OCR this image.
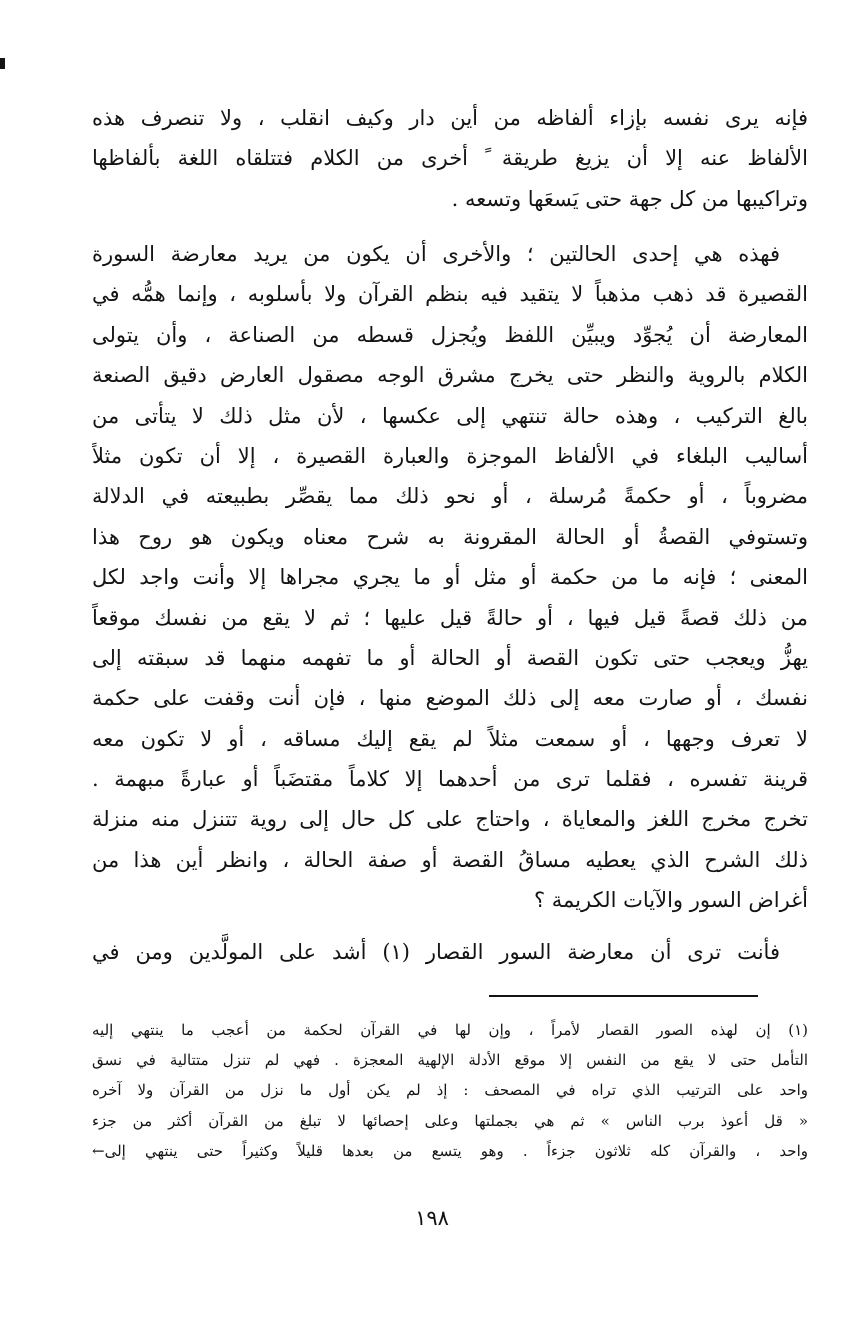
فإنه يرى نفسه بإزاء ألفاظه من أين دار وكيف انقلب ، ولا تنصرف هذه
الألفاظ عنه إلا أن يزيغ طريقة ً أخرى من الكلام فتتلقاه اللغة بألفاظها
وتراكيبها من كل جهة حتى يَسعَها وتسعه .
فهذه هي إحدى الحالتين ؛ والأخرى أن يكون من يريد معارضة السورة
القصيرة قد ذهب مذهباً لا يتقيد فيه بنظم القرآن ولا بأسلوبه ، وإنما همُّه في
المعارضة أن يُجوِّد ويبيِّن اللفظ ويُجزل قسطه من الصناعة ، وأن يتولى
الكلام بالروية والنظر حتى يخرج مشرق الوجه مصقول العارض دقيق الصنعة
بالغ التركيب ، وهذه حالة تنتهي إلى عكسها ، لأن مثل ذلك لا يتأتى من
أساليب البلغاء في الألفاظ الموجزة والعبارة القصيرة ، إلا أن تكون مثلاً
مضروباً ، أو حكمةً مُرسلة ، أو نحو ذلك مما يقصِّر بطبيعته في الدلالة
وتستوفي القصةُ أو الحالة المقرونة به شرح معناه ويكون هو روح هذا
المعنى ؛ فإنه ما من حكمة أو مثل أو ما يجري مجراها إلا وأنت واجد لكل
من ذلك قصةً قيل فيها ، أو حالةً قيل عليها ؛ ثم لا يقع من نفسك موقعاً
يهزُّ ويعجب حتى تكون القصة أو الحالة أو ما تفهمه منهما قد سبقته إلى
نفسك ، أو صارت معه إلى ذلك الموضع منها ، فإن أنت وقفت على حكمة
لا تعرف وجهها ، أو سمعت مثلاً لم يقع إليك مساقه ، أو لا تكون معه
قرينة تفسره ، فقلما ترى من أحدهما إلا كلاماً مقتضَباً أو عبارةً مبهمة .
تخرج مخرج اللغز والمعاياة ، واحتاج على كل حال إلى روية تتنزل منه منزلة
ذلك الشرح الذي يعطيه مساقُ القصة أو صفة الحالة ، وانظر أين هذا من
أغراض السور والآيات الكريمة ؟
فأنت ترى أن معارضة السور القصار (١) أشد على المولَّدين ومن في
(١) إن لهذه الصور القصار لأمراً ، وإن لها في القرآن لحكمة من أعجب ما ينتهي إليه
التأمل حتى لا يقع من النفس إلا موقع الأدلة الإلهية المعجزة . فهي لم تنزل متتالية في نسق
واحد على الترتيب الذي تراه في المصحف : إذ لم يكن أول ما نزل من القرآن ولا آخره
« قل أعوذ برب الناس » ثم هي بجملتها وعلى إحصائها لا تبلغ من القرآن أكثر من جزء
واحد ، والقرآن كله ثلاثون جزءاً . وهو يتسع من بعدها قليلاً وكثيراً حتى ينتهي إلى←
١٩٨
